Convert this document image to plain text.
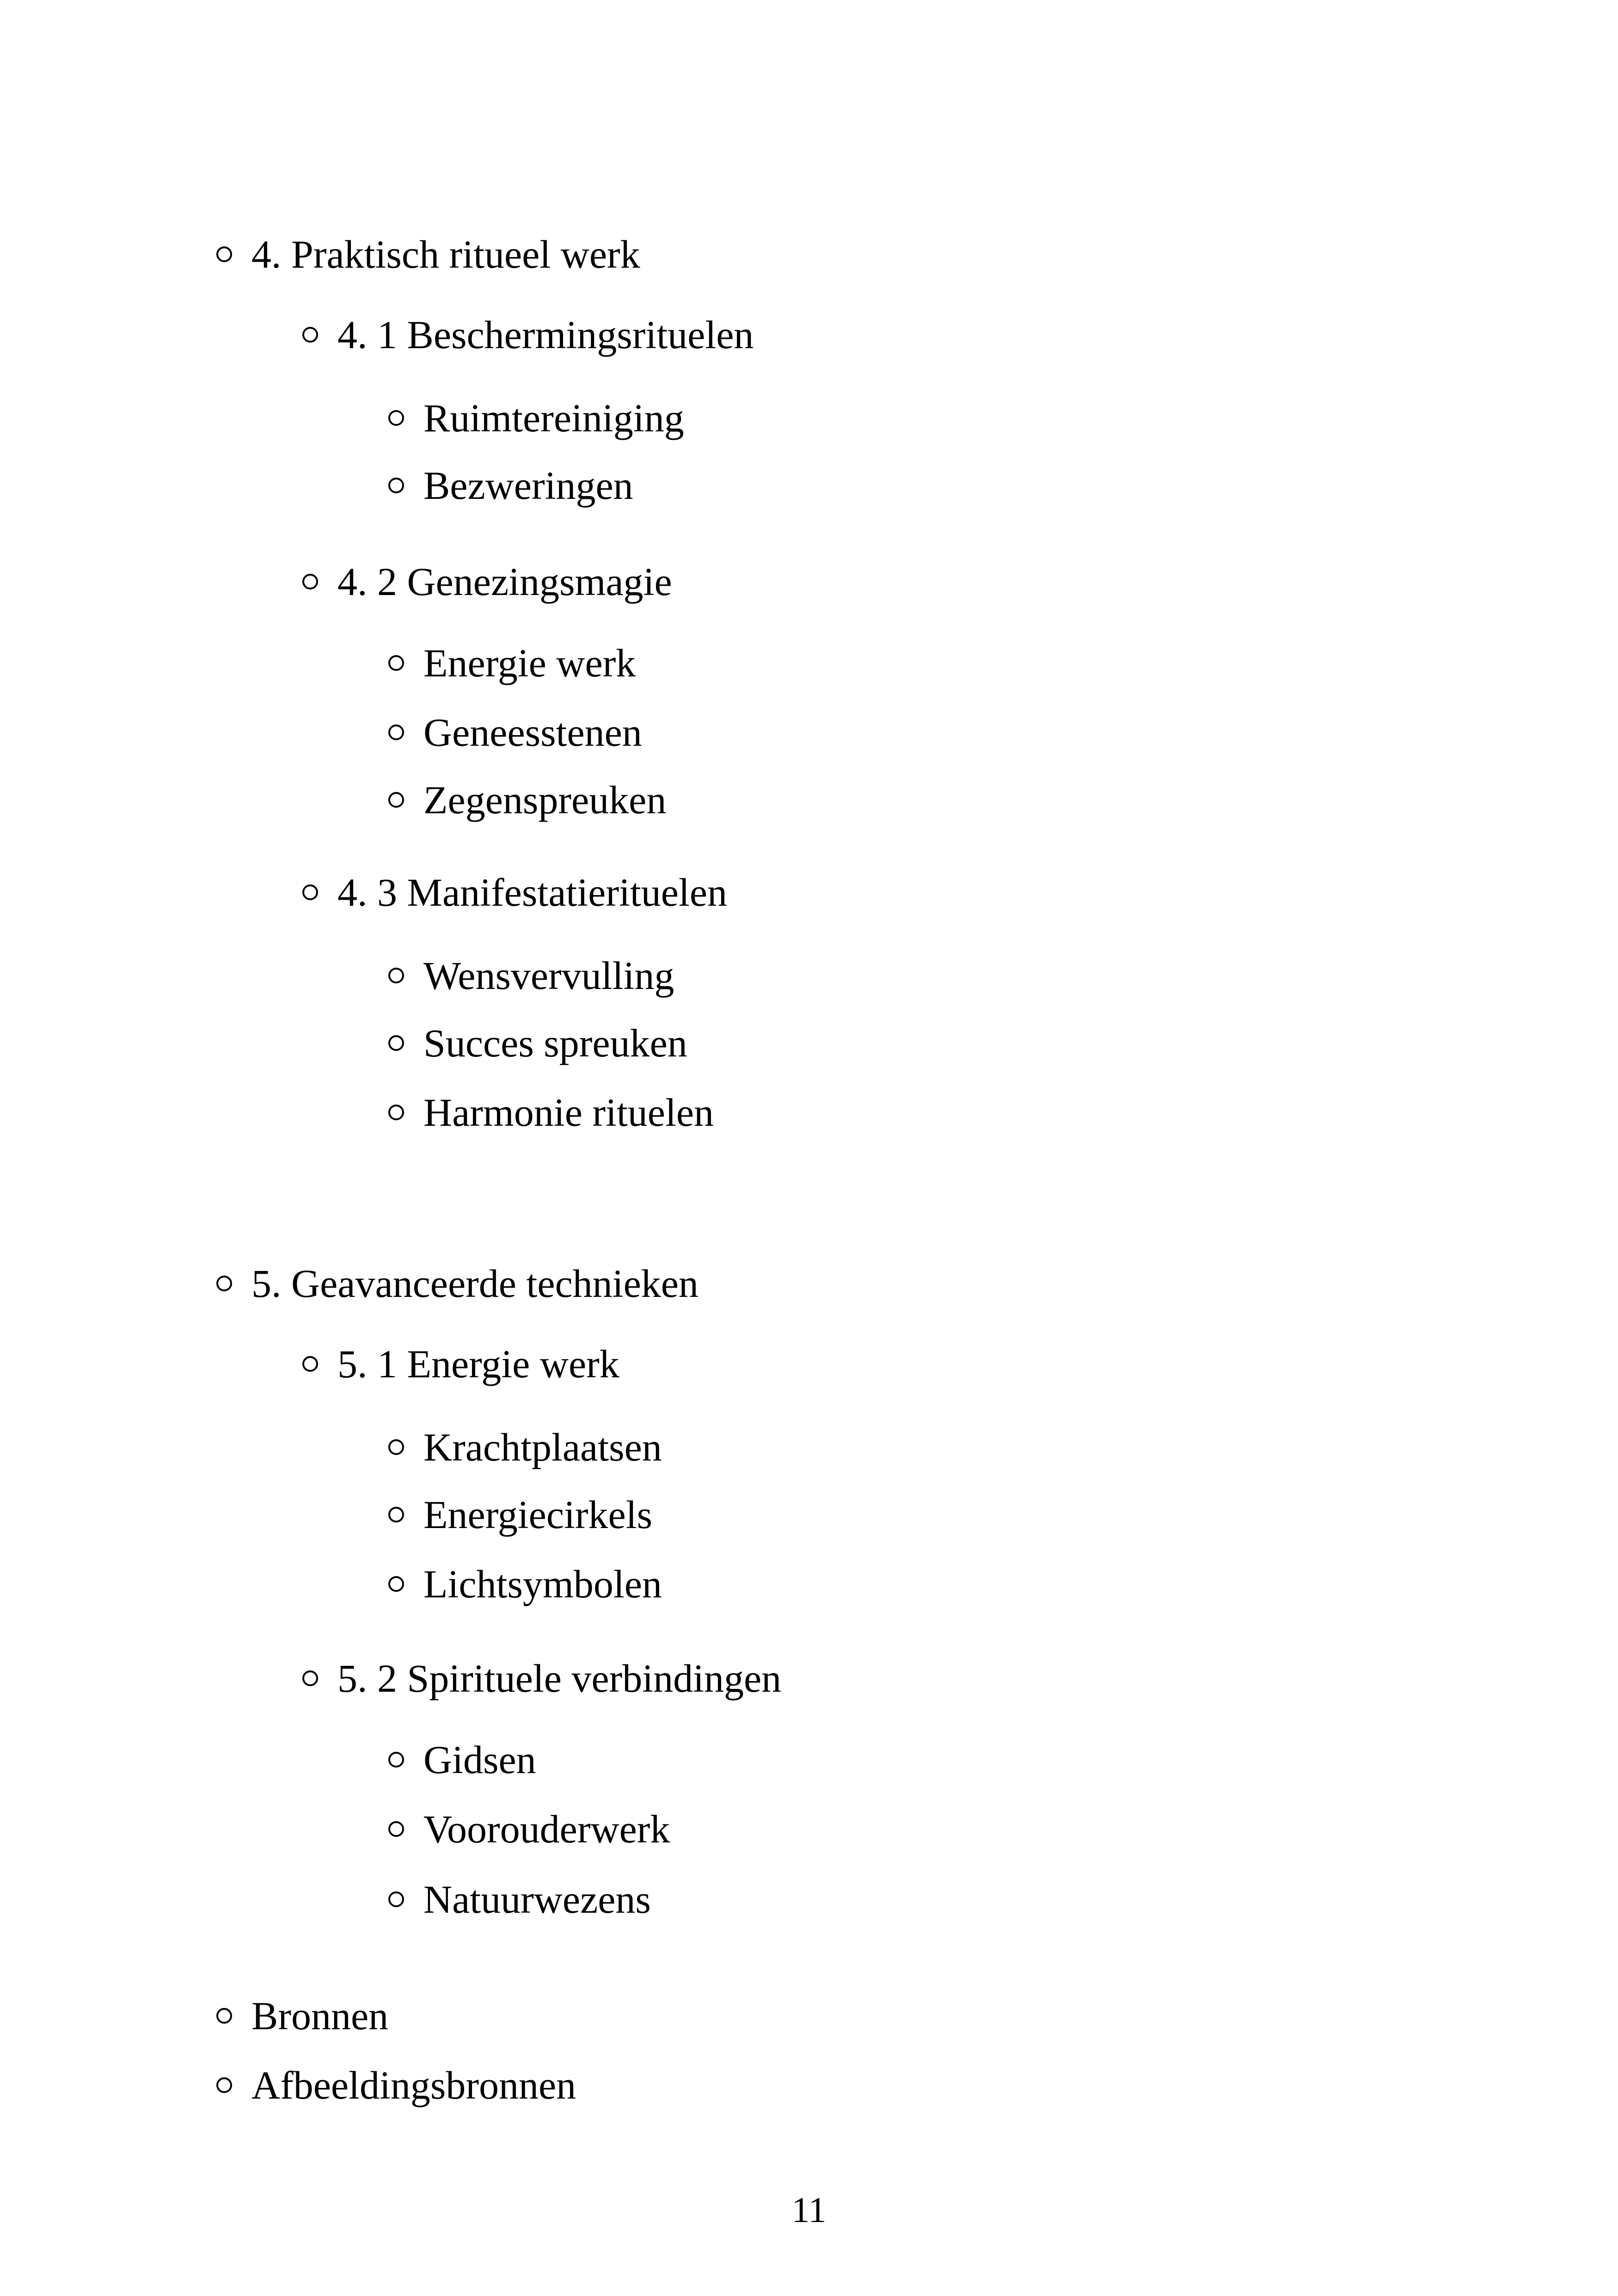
4. Praktisch ritueel werk
4. 1 Beschermingsrituelen
Ruimtereiniging
Bezweringen
4. 2 Genezingsmagie
Energie werk
Geneesstenen
Zegenspreuken
4. 3 Manifestatierituelen
Wensvervulling
Succes spreuken
Harmonie rituelen
5. Geavanceerde technieken
5. 1 Energie werk
Krachtplaatsen
Energiecirkels
Lichtsymbolen
5. 2 Spirituele verbindingen
Gidsen
Voorouderwerk
Natuurwezens
Bronnen
Afbeeldingsbronnen
11
